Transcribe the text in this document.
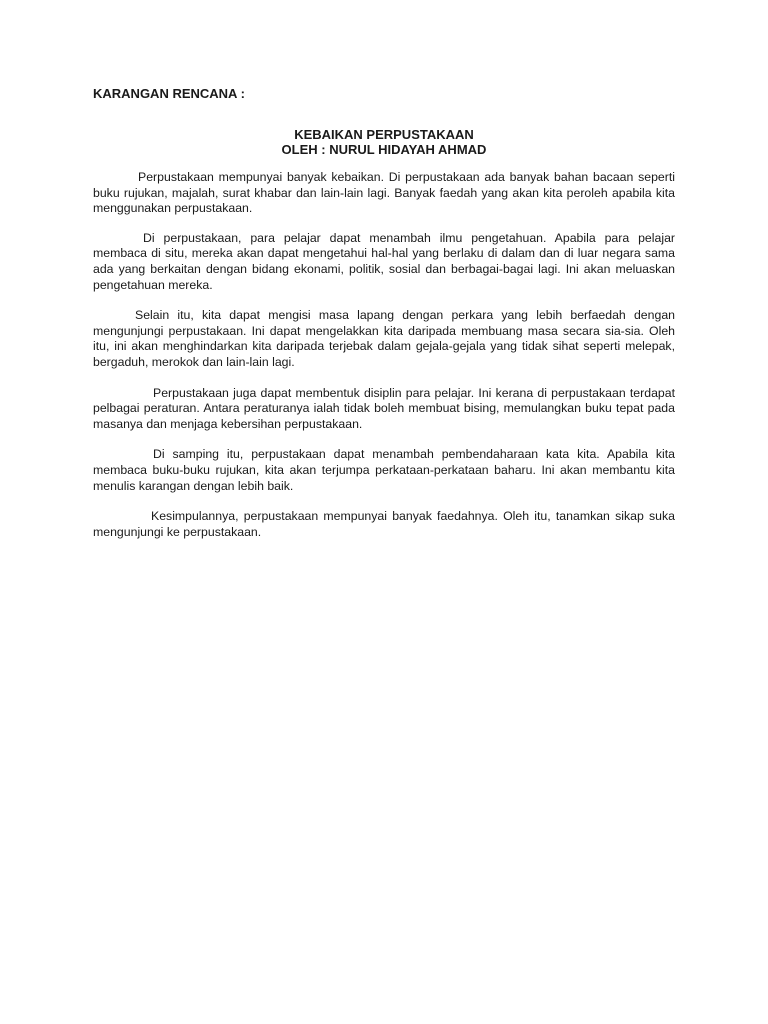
KARANGAN RENCANA :

KEBAIKAN PERPUSTAKAAN
OLEH : NURUL HIDAYAH AHMAD

Perpustakaan mempunyai banyak kebaikan. Di perpustakaan ada banyak bahan bacaan seperti buku rujukan, majalah, surat khabar dan lain-lain lagi. Banyak faedah yang akan kita peroleh apabila kita menggunakan perpustakaan.

Di perpustakaan, para pelajar dapat menambah ilmu pengetahuan. Apabila para pelajar membaca di situ, mereka akan dapat mengetahui hal-hal yang berlaku di dalam dan di luar negara sama ada yang berkaitan dengan bidang ekonami, politik, sosial dan berbagai-bagai lagi. Ini akan meluaskan pengetahuan mereka.

Selain itu, kita dapat mengisi masa lapang dengan perkara yang lebih berfaedah dengan mengunjungi perpustakaan. Ini dapat mengelakkan kita daripada membuang masa secara sia-sia. Oleh itu, ini akan menghindarkan kita daripada terjebak dalam gejala-gejala yang tidak sihat seperti melepak, bergaduh, merokok dan lain-lain lagi.

Perpustakaan juga dapat membentuk disiplin para pelajar. Ini kerana di perpustakaan terdapat pelbagai peraturan. Antara peraturanya ialah tidak boleh membuat bising, memulangkan buku tepat pada masanya dan menjaga kebersihan perpustakaan.

Di samping itu, perpustakaan dapat menambah pembendaharaan kata kita. Apabila kita membaca buku-buku rujukan, kita akan terjumpa perkataan-perkataan baharu. Ini akan membantu kita menulis karangan dengan lebih baik.

Kesimpulannya, perpustakaan mempunyai banyak faedahnya. Oleh itu, tanamkan sikap suka mengunjungi ke perpustakaan.
